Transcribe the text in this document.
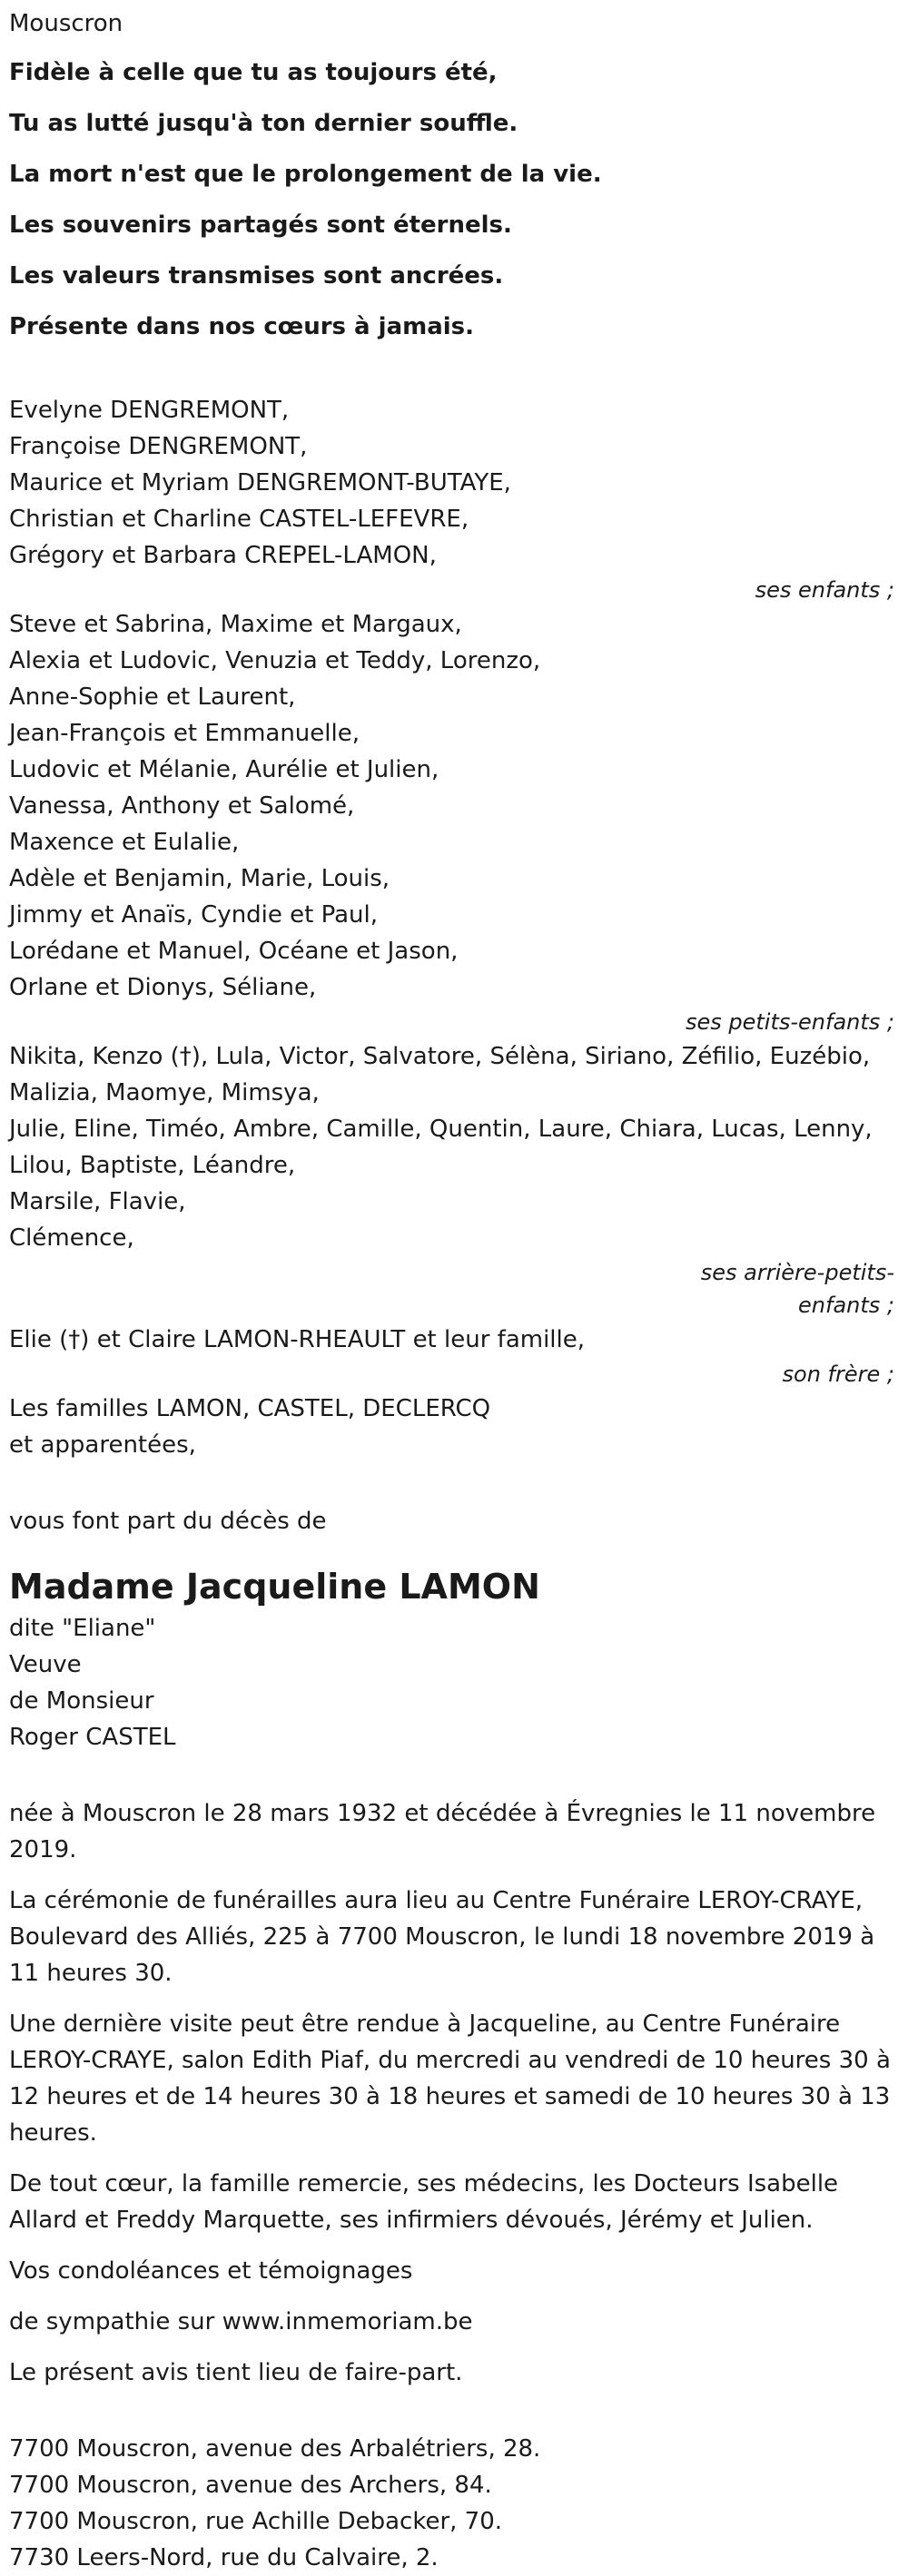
Mouscron
Fidèle à celle que tu as toujours été,
Tu as lutté jusqu'à ton dernier souffle.
La mort n'est que le prolongement de la vie.
Les souvenirs partagés sont éternels.
Les valeurs transmises sont ancrées.
Présente dans nos cœurs à jamais.
Evelyne DENGREMONT,
Françoise DENGREMONT,
Maurice et Myriam DENGREMONT-BUTAYE,
Christian et Charline CASTEL-LEFEVRE,
Grégory et Barbara CREPEL-LAMON,
ses enfants ;
Steve et Sabrina, Maxime et Margaux,
Alexia et Ludovic, Venuzia et Teddy, Lorenzo,
Anne-Sophie et Laurent,
Jean-François et Emmanuelle,
Ludovic et Mélanie, Aurélie et Julien,
Vanessa, Anthony et Salomé,
Maxence et Eulalie,
Adèle et Benjamin, Marie, Louis,
Jimmy et Anaïs, Cyndie et Paul,
Lorédane et Manuel, Océane et Jason,
Orlane et Dionys, Séliane,
ses petits-enfants ;
Nikita, Kenzo (†), Lula, Victor, Salvatore, Sélèna, Siriano, Zéfilio, Euzébio,
Malizia, Maomye, Mimsya,
Julie, Eline, Timéo, Ambre, Camille, Quentin, Laure, Chiara, Lucas, Lenny,
Lilou, Baptiste, Léandre,
Marsile, Flavie,
Clémence,
ses arrière-petits-
enfants ;
Elie (†) et Claire LAMON-RHEAULT et leur famille,
son frère ;
Les familles LAMON, CASTEL, DECLERCQ
et apparentées,
vous font part du décès de
Madame Jacqueline LAMON
dite "Eliane"
Veuve
de Monsieur
Roger CASTEL
née à Mouscron le 28 mars 1932 et décédée à Évregnies le 11 novembre 2019.
La cérémonie de funérailles aura lieu au Centre Funéraire LEROY-CRAYE, Boulevard des Alliés, 225 à 7700 Mouscron, le lundi 18 novembre 2019 à 11 heures 30.
Une dernière visite peut être rendue à Jacqueline, au Centre Funéraire LEROY-CRAYE, salon Edith Piaf, du mercredi au vendredi de 10 heures 30 à 12 heures et de 14 heures 30 à 18 heures et samedi de 10 heures 30 à 13 heures.
De tout cœur, la famille remercie, ses médecins, les Docteurs Isabelle Allard et Freddy Marquette, ses infirmiers dévoués, Jérémy et Julien.
Vos condoléances et témoignages
de sympathie sur www.inmemoriam.be
Le présent avis tient lieu de faire-part.
7700 Mouscron, avenue des Arbalétriers, 28.
7700 Mouscron, avenue des Archers, 84.
7700 Mouscron, rue Achille Debacker, 70.
7730 Leers-Nord, rue du Calvaire, 2.
